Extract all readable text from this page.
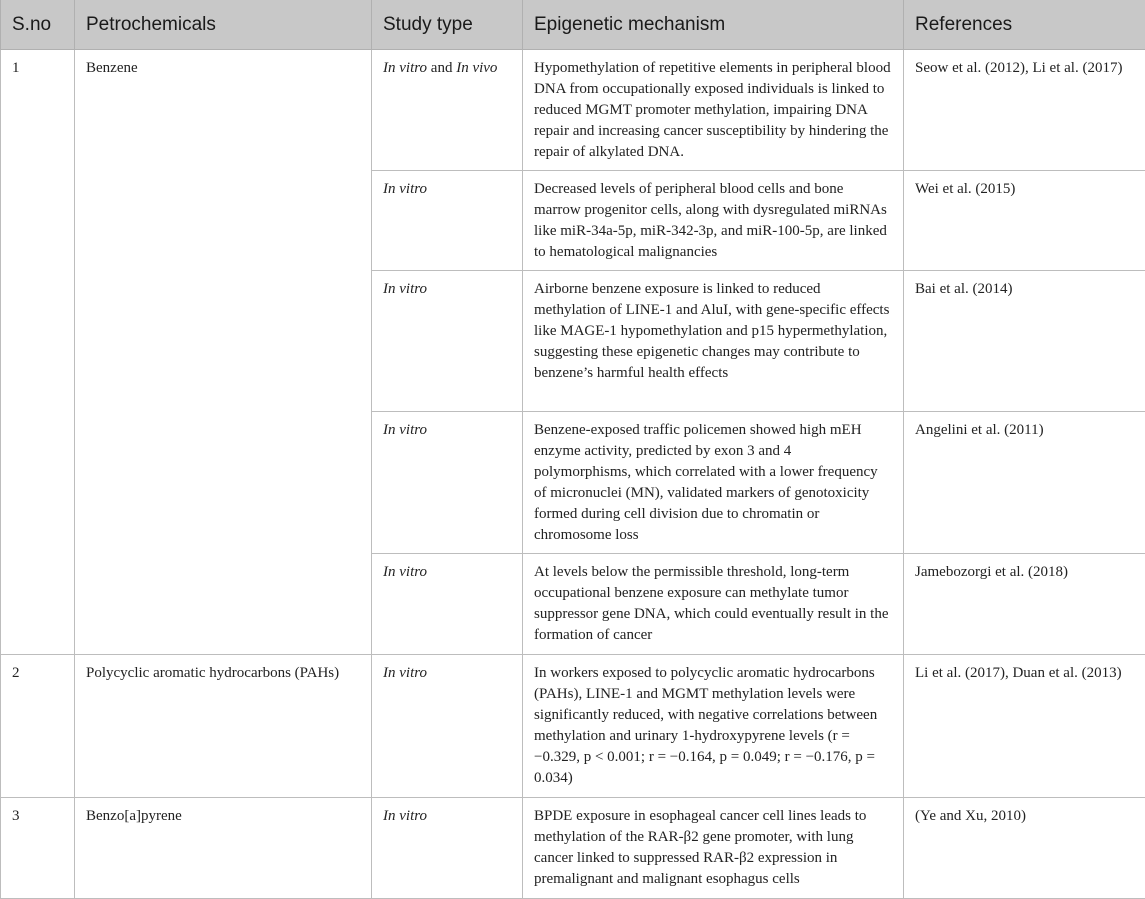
S.no	Petrochemicals	Study type	Epigenetic mechanism	References
1	Benzene	In vitro and In vivo	Hypomethylation of repetitive elements in peripheral blood DNA from occupationally exposed individuals is linked to reduced MGMT promoter methylation, impairing DNA repair and increasing cancer susceptibility by hindering the repair of alkylated DNA.	Seow et al. (2012), Li et al. (2017)
		In vitro	Decreased levels of peripheral blood cells and bone marrow progenitor cells, along with dysregulated miRNAs like miR-34a-5p, miR-342-3p, and miR-100-5p, are linked to hematological malignancies	Wei et al. (2015)
		In vitro	Airborne benzene exposure is linked to reduced methylation of LINE-1 and AluI, with gene-specific effects like MAGE-1 hypomethylation and p15 hypermethylation, suggesting these epigenetic changes may contribute to benzene’s harmful health effects	Bai et al. (2014)
		In vitro	Benzene-exposed traffic policemen showed high mEH enzyme activity, predicted by exon 3 and 4 polymorphisms, which correlated with a lower frequency of micronuclei (MN), validated markers of genotoxicity formed during cell division due to chromatin or chromosome loss	Angelini et al. (2011)
		In vitro	At levels below the permissible threshold, long-term occupational benzene exposure can methylate tumor suppressor gene DNA, which could eventually result in the formation of cancer	Jamebozorgi et al. (2018)
2	Polycyclic aromatic hydrocarbons (PAHs)	In vitro	In workers exposed to polycyclic aromatic hydrocarbons (PAHs), LINE-1 and MGMT methylation levels were significantly reduced, with negative correlations between methylation and urinary 1-hydroxypyrene levels (r = −0.329, p < 0.001; r = −0.164, p = 0.049; r = −0.176, p = 0.034)	Li et al. (2017), Duan et al. (2013)
3	Benzo[a]pyrene	In vitro	BPDE exposure in esophageal cancer cell lines leads to methylation of the RAR-β2 gene promoter, with lung cancer linked to suppressed RAR-β2 expression in premalignant and malignant esophagus cells	(Ye and Xu, 2010)
